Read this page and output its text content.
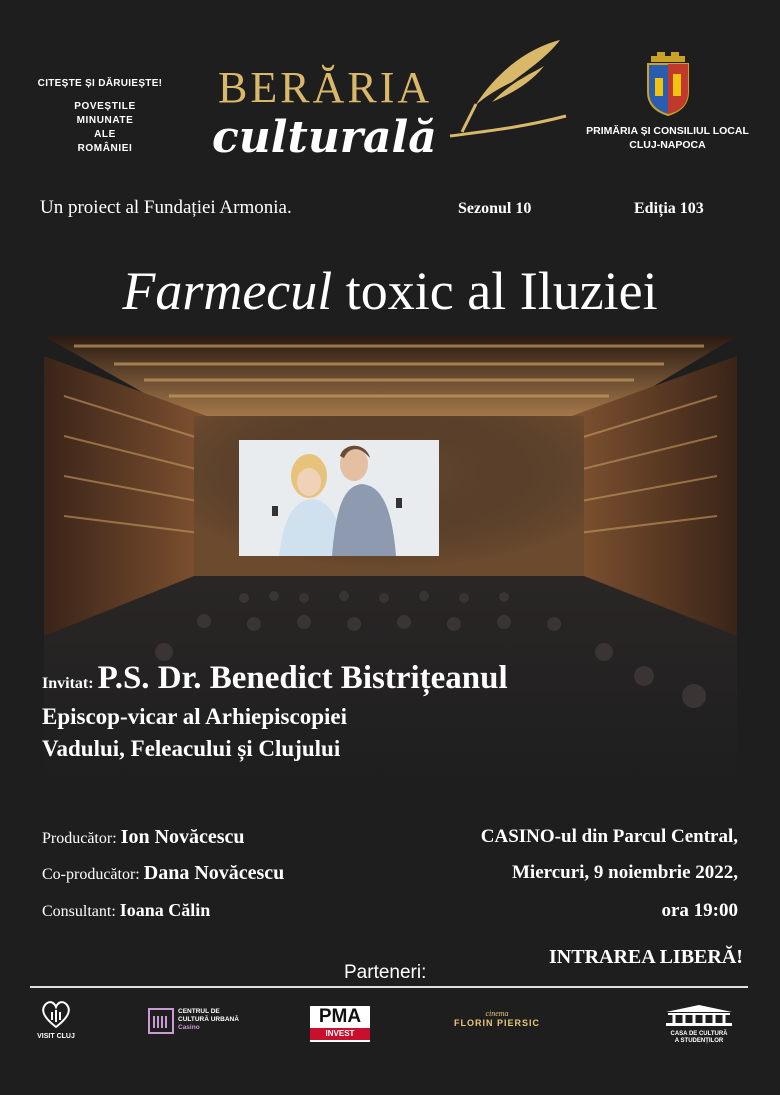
CITEȘTE ȘI DĂRUIEȘTE!
POVEȘTILE
MINUNATE
ALE
ROMÂNIEI
BERĂRIA
culturală	PRIMĂRIA ȘI CONSILIUL LOCAL
CLUJ-NAPOCA
Un proiect al Fundației Armonia.	Sezonul 10	Ediția 103
Farmecul toxic al Iluziei
Invitat: P.S. Dr. Benedict Bistrițeanul
Episcop-vicar al Arhiepiscopiei
Vadului, Feleacului și Clujului
Producător: Ion Novăcescu
Co-producător: Dana Novăcescu
Consultant: Ioana Călin
CASINO-ul din Parcul Central,
Miercuri, 9 noiembrie 2022,
ora 19:00
INTRAREA LIBERĂ!
Parteneri:
VISIT CLUJ
CENTRUL DE
CULTURĂ URBANĂ
Casino
PMA
INVEST
cinema
FLORIN PIERSIC
CASA DE CULTURĂ
A STUDENȚILOR
